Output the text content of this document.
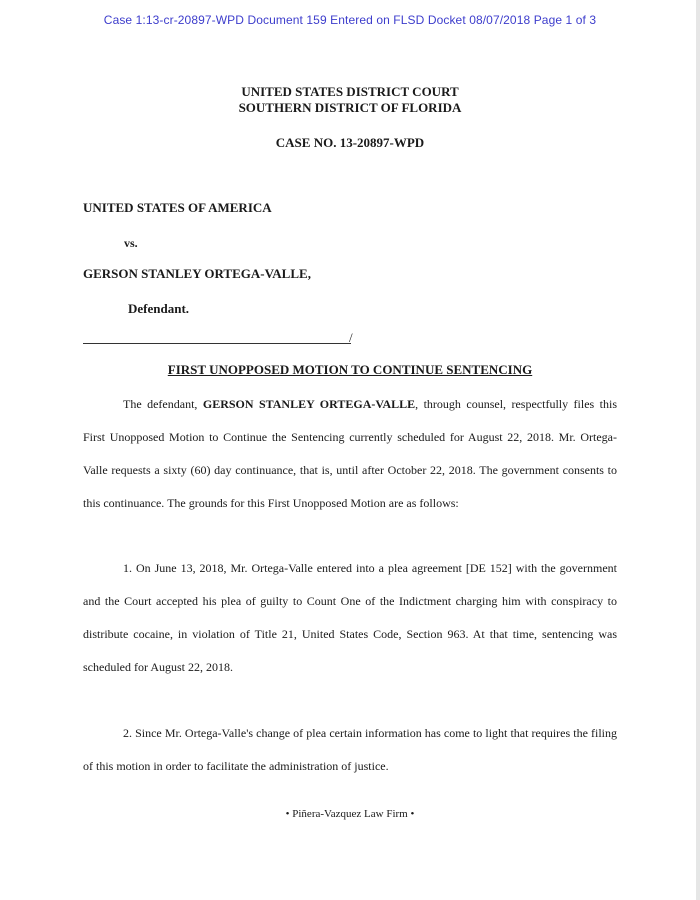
Case 1:13-cr-20897-WPD Document 159 Entered on FLSD Docket 08/07/2018 Page 1 of 3
UNITED STATES DISTRICT COURT
SOUTHERN DISTRICT OF FLORIDA
CASE NO. 13-20897-WPD
UNITED STATES OF AMERICA
vs.
GERSON STANLEY ORTEGA-VALLE,
Defendant.
/
FIRST UNOPPOSED MOTION TO CONTINUE SENTENCING
The defendant, GERSON STANLEY ORTEGA-VALLE, through counsel, respectfully files this First Unopposed Motion to Continue the Sentencing currently scheduled for August 22, 2018. Mr. Ortega- Valle requests a sixty (60) day continuance, that is, until after October 22, 2018. The government consents to this continuance. The grounds for this First Unopposed Motion are as follows:
1. On June 13, 2018, Mr. Ortega-Valle entered into a plea agreement [DE 152] with the government and the Court accepted his plea of guilty to Count One of the Indictment charging him with conspiracy to distribute cocaine, in violation of Title 21, United States Code, Section 963. At that time, sentencing was scheduled for August 22, 2018.
2. Since Mr. Ortega-Valle's change of plea certain information has come to light that requires the filing of this motion in order to facilitate the administration of justice.
• Piñera-Vazquez Law Firm •
